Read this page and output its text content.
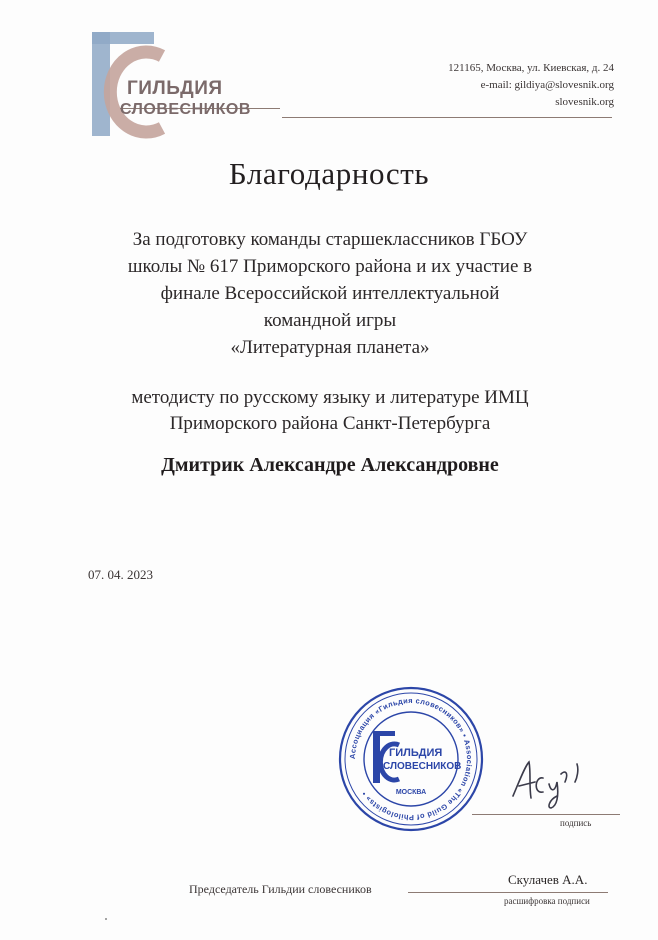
ГИЛЬДИЯ
СЛОВЕСНИКОВ
121165, Москва, ул. Киевская, д. 24
e-mail: gildiya@slovesnik.org
slovesnik.org
Благодарность
За подготовку команды старшеклассников ГБОУ
школы № 617 Приморского района и их участие в
финале Всероссийской интеллектуальной
командной игры
«Литературная планета»
методисту по русскому языку и литературе ИМЦ
Приморского района Санкт-Петербурга
Дмитрик Александре Александровне
07. 04. 2023
Ассоциация «Гильдия словесников» • Association «The Guild of Philologists» •
ГИЛЬДИЯ
СЛОВЕСНИКОВ
МОСКВА
подпись
Председатель Гильдии словесников
Скулачев А.А.
расшифровка подписи
